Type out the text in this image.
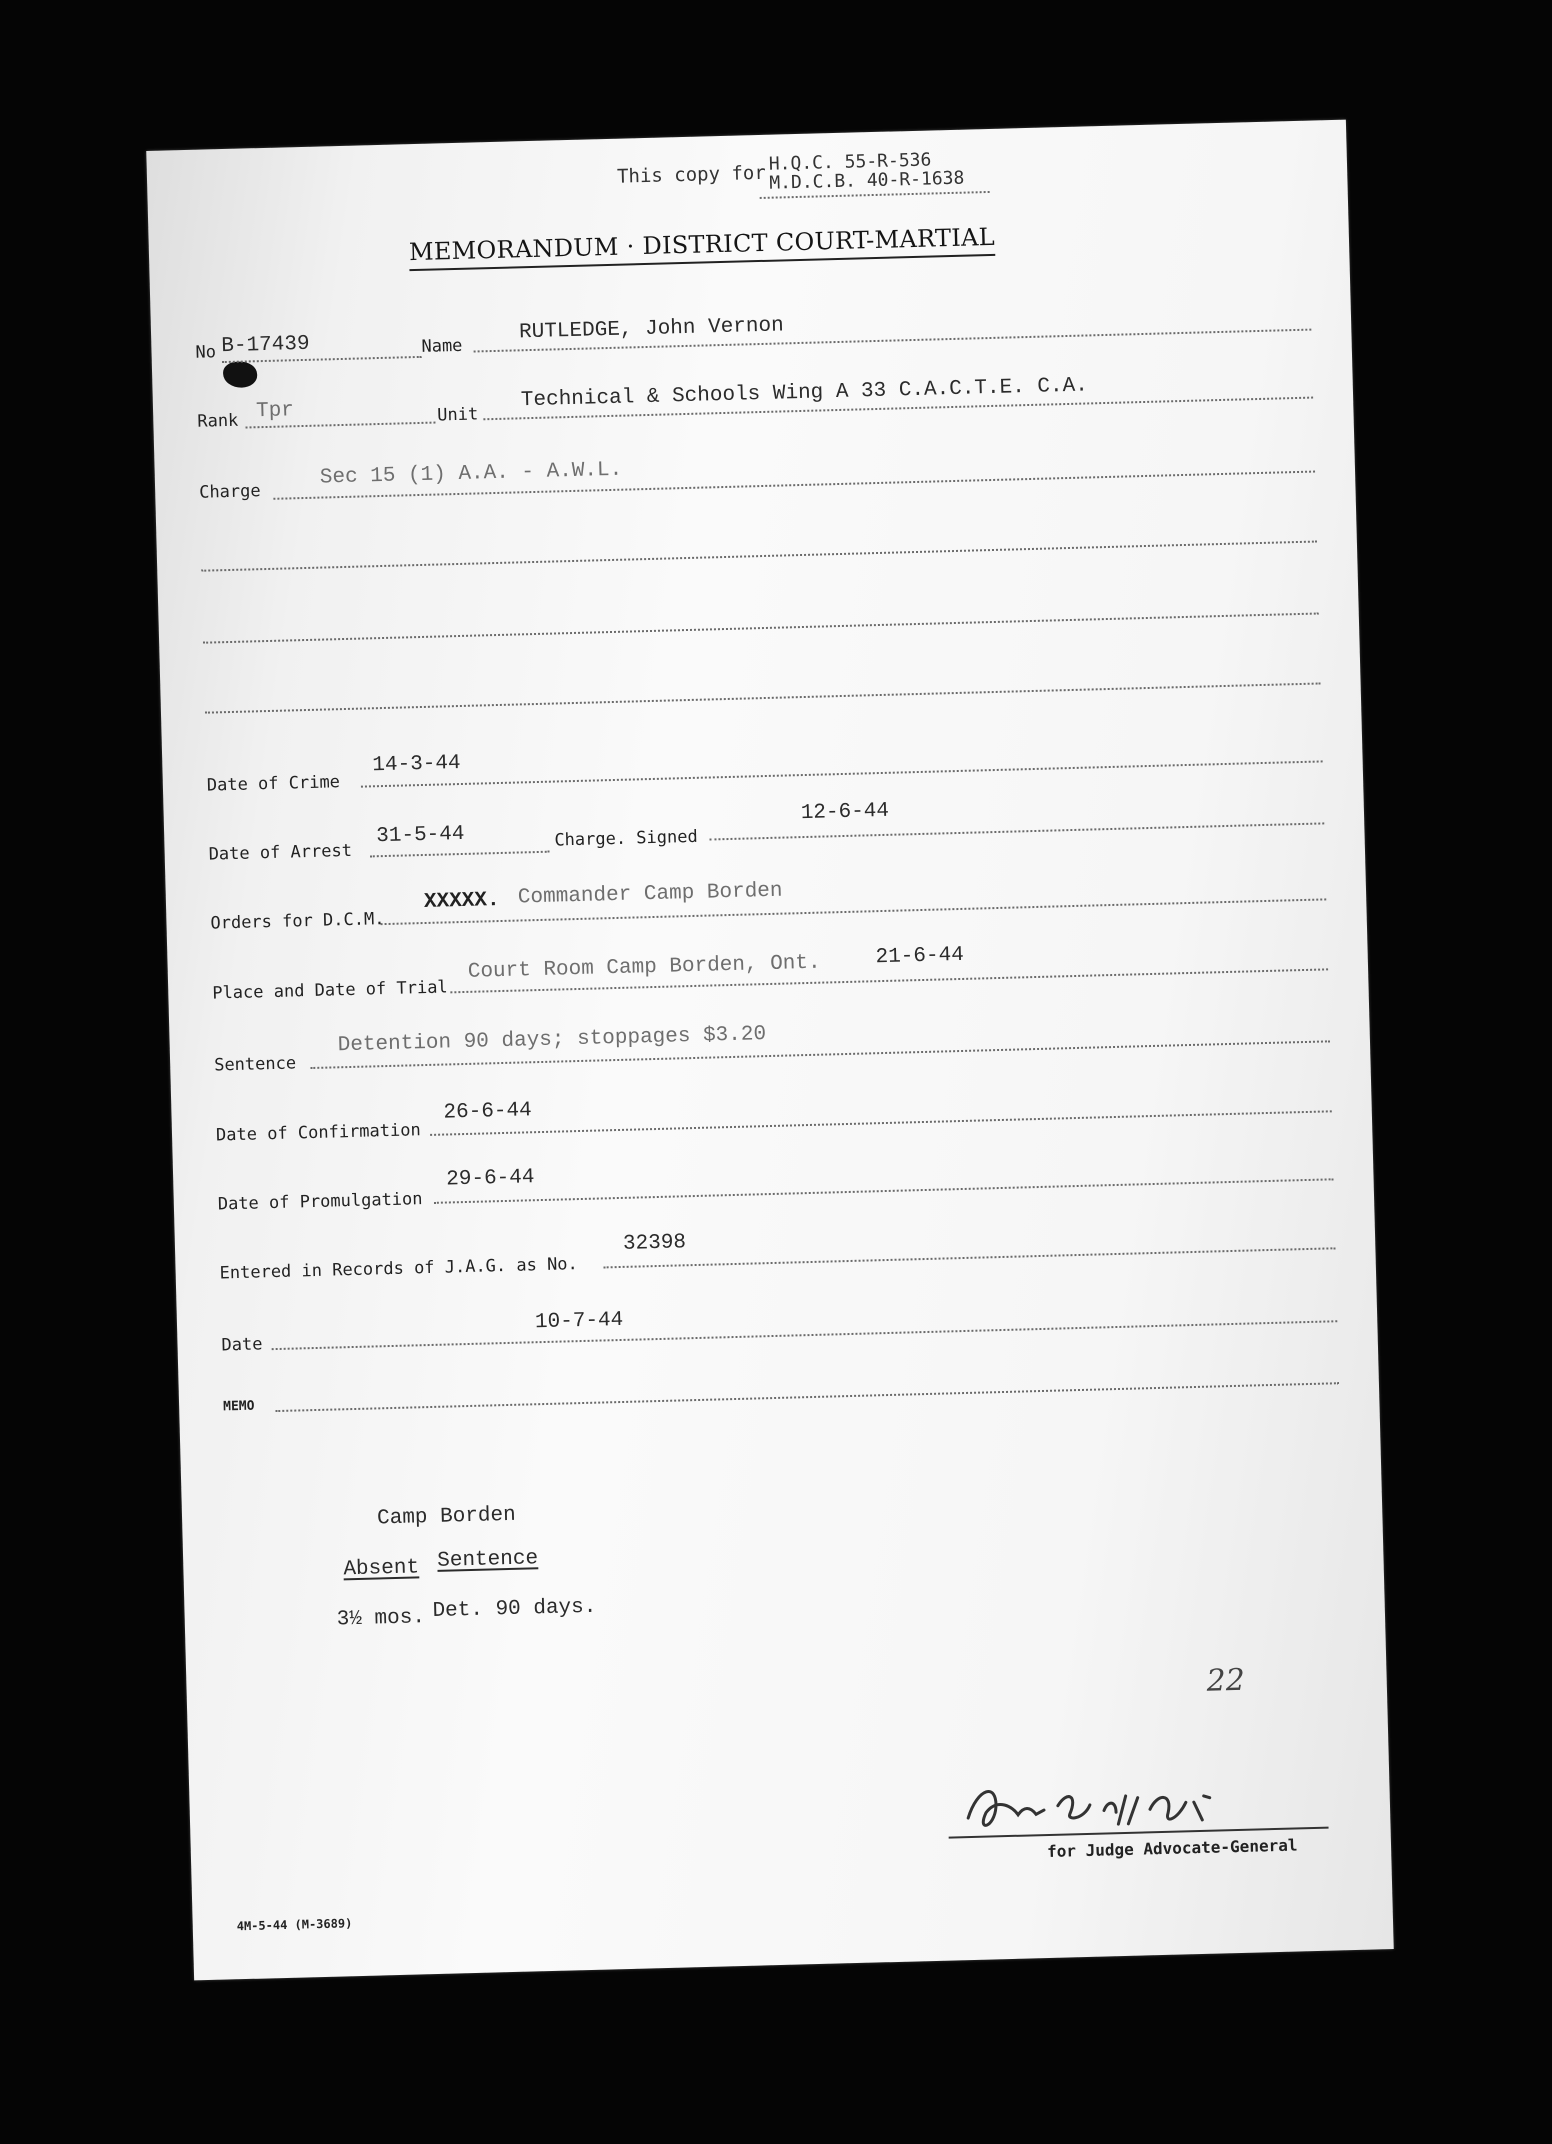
This copy for H.Q.C. 55-R-536
M.D.C.B. 40-R-1638
MEMORANDUM · DISTRICT COURT-MARTIAL
No B-17439	Name
RUTLEDGE, John Vernon
Rank Tpr	Unit
Technical & Schools Wing A 33 C.A.C.T.E. C.A.
Charge
Sec 15 (1) A.A. - A.W.L.
Date of Crime
14-3-44
Date of Arrest
31-5-44	Charge. Signed
12-6-44
Orders for D.C.M.
XXXXX. Commander Camp Borden
Place and Date of Trial
Court Room Camp Borden, Ont.	21-6-44
Sentence
Detention 90 days; stoppages $3.20
Date of Confirmation
26-6-44
Date of Promulgation
29-6-44
Entered in Records of J.A.G. as No.
32398
Date
10-7-44
MEMO
Camp Borden
Absent Sentence
3½ mos. Det. 90 days.
22
for Judge Advocate-General
4M-5-44 (M-3689)
